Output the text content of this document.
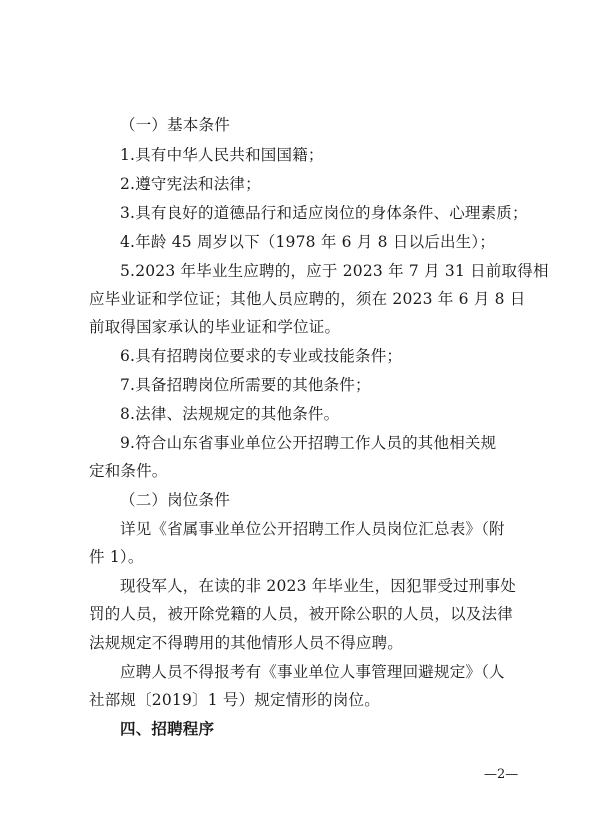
（一）基本条件
1.具有中华人民共和国国籍；
2.遵守宪法和法律；
3.具有良好的道德品行和适应岗位的身体条件、心理素质；
4.年龄 45 周岁以下（1978 年 6 月 8 日以后出生）；
5.2023 年毕业生应聘的，应于 2023 年 7 月 31 日前取得相
应毕业证和学位证；其他人员应聘的，须在 2023 年 6 月 8 日
前取得国家承认的毕业证和学位证。
6.具有招聘岗位要求的专业或技能条件；
7.具备招聘岗位所需要的其他条件；
8.法律、法规规定的其他条件。
9.符合山东省事业单位公开招聘工作人员的其他相关规
定和条件。
（二）岗位条件
详见《省属事业单位公开招聘工作人员岗位汇总表》（附
件 1）。
现役军人，在读的非 2023 年毕业生，因犯罪受过刑事处
罚的人员，被开除党籍的人员，被开除公职的人员，以及法律
法规规定不得聘用的其他情形人员不得应聘。
应聘人员不得报考有《事业单位人事管理回避规定》（人
社部规〔2019〕1 号）规定情形的岗位。
四、招聘程序
—2—
